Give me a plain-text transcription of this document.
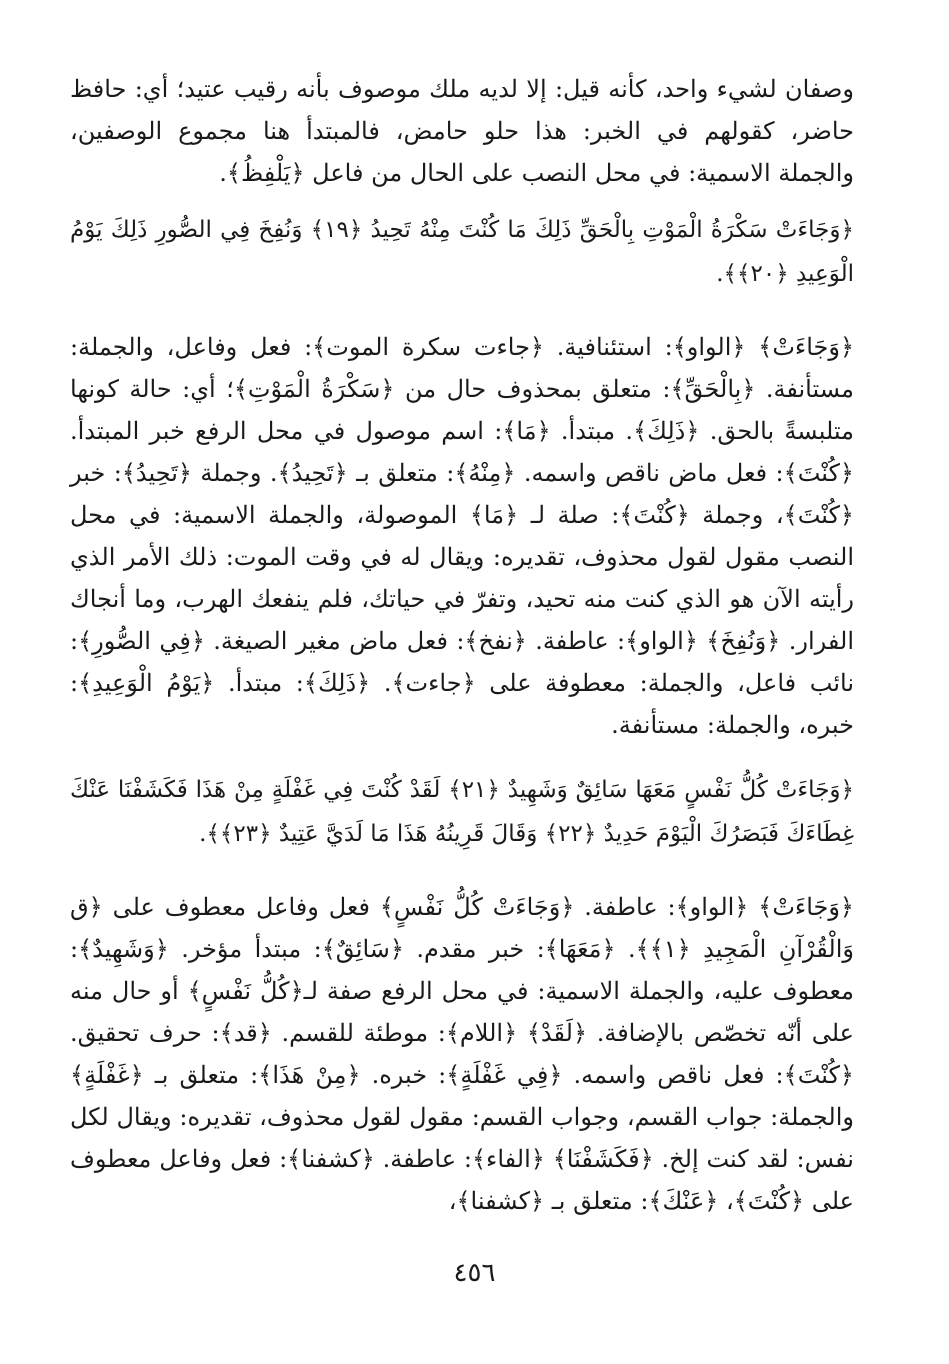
وصفان لشيء واحد، كأنه قيل: إلا لديه ملك موصوف بأنه رقيب عتيد؛ أي: حافظ حاضر، كقولهم في الخبر: هذا حلو حامض، فالمبتدأ هنا مجموع الوصفين، والجملة الاسمية: في محل النصب على الحال من فاعل ﴿يَلْفِظُ﴾.

﴿وَجَاءَتْ سَكْرَةُ الْمَوْتِ بِالْحَقِّ ذَلِكَ مَا كُنْتَ مِنْهُ تَحِيدُ ﴿١٩﴾ وَنُفِخَ فِي الصُّورِ ذَلِكَ يَوْمُ الْوَعِيدِ ﴿٢٠﴾﴾.

﴿وَجَاءَتْ﴾ ﴿الواو﴾: استئنافية. ﴿جاءت سكرة الموت﴾: فعل وفاعل، والجملة: مستأنفة. ﴿بِالْحَقِّ﴾: متعلق بمحذوف حال من ﴿سَكْرَةُ الْمَوْتِ﴾؛ أي: حالة كونها متلبسةً بالحق. ﴿ذَلِكَ﴾. مبتدأ. ﴿مَا﴾: اسم موصول في محل الرفع خبر المبتدأ. ﴿كُنْتَ﴾: فعل ماض ناقص واسمه. ﴿مِنْهُ﴾: متعلق بـ ﴿تَحِيدُ﴾. وجملة ﴿تَحِيدُ﴾: خبر ﴿كُنْتَ﴾، وجملة ﴿كُنْتَ﴾: صلة لـ ﴿مَا﴾ الموصولة، والجملة الاسمية: في محل النصب مقول لقول محذوف، تقديره: ويقال له في وقت الموت: ذلك الأمر الذي رأيته الآن هو الذي كنت منه تحيد، وتفرّ في حياتك، فلم ينفعك الهرب، وما أنجاك الفرار. ﴿وَنُفِخَ﴾ ﴿الواو﴾: عاطفة. ﴿نفخ﴾: فعل ماض مغير الصيغة. ﴿فِي الصُّورِ﴾: نائب فاعل، والجملة: معطوفة على ﴿جاءت﴾. ﴿ذَلِكَ﴾: مبتدأ. ﴿يَوْمُ الْوَعِيدِ﴾: خبره، والجملة: مستأنفة.

﴿وَجَاءَتْ كُلُّ نَفْسٍ مَعَهَا سَائِقٌ وَشَهِيدٌ ﴿٢١﴾ لَقَدْ كُنْتَ فِي غَفْلَةٍ مِنْ هَذَا فَكَشَفْنَا عَنْكَ غِطَاءَكَ فَبَصَرُكَ الْيَوْمَ حَدِيدٌ ﴿٢٢﴾ وَقَالَ قَرِينُهُ هَذَا مَا لَدَيَّ عَتِيدٌ ﴿٢٣﴾﴾.

﴿وَجَاءَتْ﴾ ﴿الواو﴾: عاطفة. ﴿وَجَاءَتْ كُلُّ نَفْسٍ﴾ فعل وفاعل معطوف على ﴿ق وَالْقُرْآنِ الْمَجِيدِ ﴿١﴾﴾. ﴿مَعَهَا﴾: خبر مقدم. ﴿سَائِقٌ﴾: مبتدأ مؤخر. ﴿وَشَهِيدٌ﴾: معطوف عليه، والجملة الاسمية: في محل الرفع صفة لـ﴿كُلُّ نَفْسٍ﴾ أو حال منه على أنّه تخصّص بالإضافة. ﴿لَقَدْ﴾ ﴿اللام﴾: موطئة للقسم. ﴿قد﴾: حرف تحقيق. ﴿كُنْتَ﴾: فعل ناقص واسمه. ﴿فِي غَفْلَةٍ﴾: خبره. ﴿مِنْ هَذَا﴾: متعلق بـ ﴿غَفْلَةٍ﴾ والجملة: جواب القسم، وجواب القسم: مقول لقول محذوف، تقديره: ويقال لكل نفس: لقد كنت إلخ. ﴿فَكَشَفْنَا﴾ ﴿الفاء﴾: عاطفة. ﴿كشفنا﴾: فعل وفاعل معطوف على ﴿كُنْتَ﴾، ﴿عَنْكَ﴾: متعلق بـ ﴿كشفنا﴾،

٤٥٦
